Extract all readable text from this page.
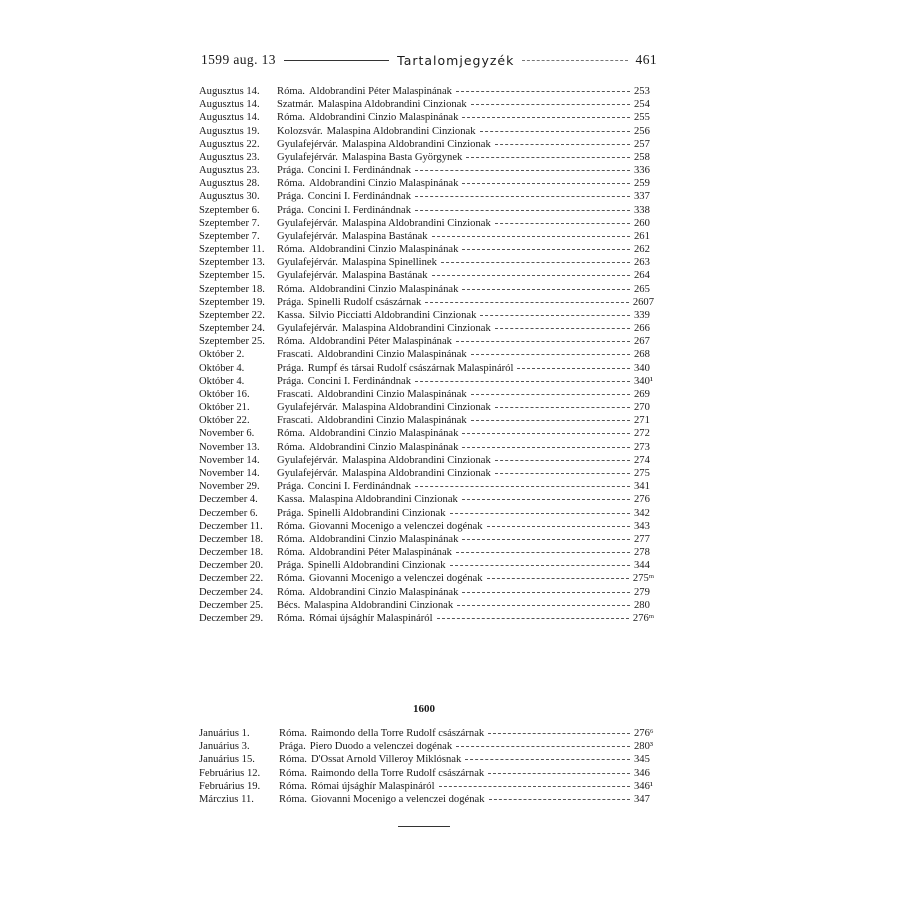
1599 aug. 13	Tartalomjegyzék	461
Augusztus 14.	Róma. Aldobrandini Péter Malaspinának	253
Augusztus 14.	Szatmár. Malaspina Aldobrandini Cinzionak	254
Augusztus 14.	Róma. Aldobrandini Cinzio Malaspinának	255
Augusztus 19.	Kolozsvár. Malaspina Aldobrandini Cinzionak	256
Augusztus 22.	Gyulafejérvár. Malaspina Aldobrandini Cinzionak	257
Augusztus 23.	Gyulafejérvár. Malaspina Basta Györgynek	258
Augusztus 23.	Prága. Concini I. Ferdinándnak	336
Augusztus 28.	Róma. Aldobrandini Cinzio Malaspinának	259
Augusztus 30.	Prága. Concini I. Ferdinándnak	337
Szeptember 6.	Prága. Concini I. Ferdinándnak	338
Szeptember 7.	Gyulafejérvár. Malaspina Aldobrandini Cinzionak	260
Szeptember 7.	Gyulafejérvár. Malaspina Bastának	261
Szeptember 11.	Róma. Aldobrandini Cinzio Malaspinának	262
Szeptember 13.	Gyulafejérvár. Malaspina Spinellinek	263
Szeptember 15.	Gyulafejérvár. Malaspina Bastának	264
Szeptember 18.	Róma. Aldobrandini Cinzio Malaspinának	265
Szeptember 19.	Prága. Spinelli Rudolf császárnak	2607
Szeptember 22.	Kassa. Silvio Picciatti Aldobrandini Cinzionak	339
Szeptember 24.	Gyulafejérvár. Malaspina Aldobrandini Cinzionak	266
Szeptember 25.	Róma. Aldobrandini Péter Malaspinának	267
Október 2.	Frascati. Aldobrandini Cinzio Malaspinának	268
Október 4.	Prága. Rumpf és társai Rudolf császárnak Malaspináról	340
Október 4.	Prága. Concini I. Ferdinándnak	340¹
Október 16.	Frascati. Aldobrandini Cinzio Malaspinának	269
Október 21.	Gyulafejérvár. Malaspina Aldobrandini Cinzionak	270
Október 22.	Frascati. Aldobrandini Cinzio Malaspinának	271
November 6.	Róma. Aldobrandini Cinzio Malaspinának	272
November 13.	Róma. Aldobrandini Cinzio Malaspinának	273
November 14.	Gyulafejérvár. Malaspina Aldobrandini Cinzionak	274
November 14.	Gyulafejérvár. Malaspina Aldobrandini Cinzionak	275
November 29.	Prága. Concini I. Ferdinándnak	341
Deczember 4.	Kassa. Malaspina Aldobrandini Cinzionak	276
Deczember 6.	Prága. Spinelli Aldobrandini Cinzionak	342
Deczember 11.	Róma. Giovanni Mocenigo a velenczei dogénak	343
Deczember 18.	Róma. Aldobrandini Cinzio Malaspinának	277
Deczember 18.	Róma. Aldobrandini Péter Malaspinának	278
Deczember 20.	Prága. Spinelli Aldobrandini Cinzionak	344
Deczember 22.	Róma. Giovanni Mocenigo a velenczei dogénak	275ᵐ
Deczember 24.	Róma. Aldobrandini Cinzio Malaspinának	279
Deczember 25.	Bécs. Malaspina Aldobrandini Cinzionak	280
Deczember 29.	Róma. Római újsághír Malaspináról	276ᵐ
1600
Januárius 1.	Róma. Raimondo della Torre Rudolf császárnak	276⁶
Januárius 3.	Prága. Piero Duodo a velenczei dogénak	280³
Januárius 15.	Róma. D'Ossat Arnold Villeroy Miklósnak	345
Februárius 12.	Róma. Raimondo della Torre Rudolf császárnak	346
Februárius 19.	Róma. Római újsághír Malaspináról	346¹
Márczius 11.	Róma. Giovanni Mocenigo a velenczei dogénak	347
